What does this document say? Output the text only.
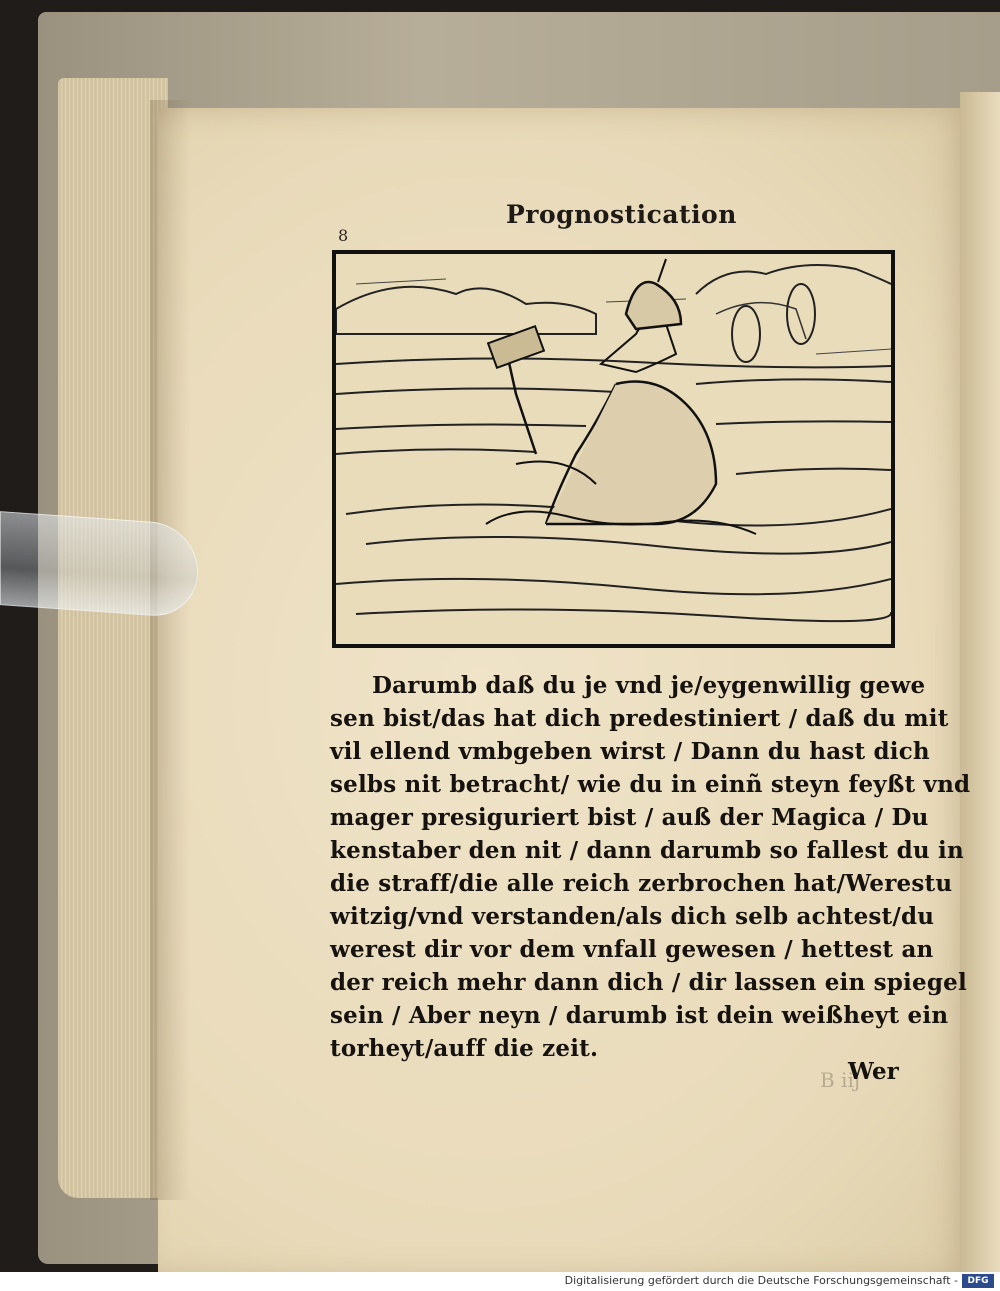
8
Prognostication
Darumb daß du je vnd je/eygenwillig gewe
sen bist/das hat dich predestiniert / daß du mit
vil ellend vmbgeben wirst / Dann du hast dich
selbs nit betracht/ wie du in einñ steyn feyßt vnd
mager presiguriert bist / auß der Magica / Du
kenstaber den nit / dann darumb so fallest du in
die straff/die alle reich zerbrochen hat/Werestu
witzig/vnd verstanden/als dich selb achtest/du
werest dir vor dem vnfall gewesen / hettest an
der reich mehr dann dich / dir lassen ein spiegel
sein / Aber neyn / darumb ist dein weißheyt ein
torheyt/auff die zeit.
B iij
Wer
Digitalisierung gefördert durch die Deutsche Forschungsgemeinschaft -	DFG
